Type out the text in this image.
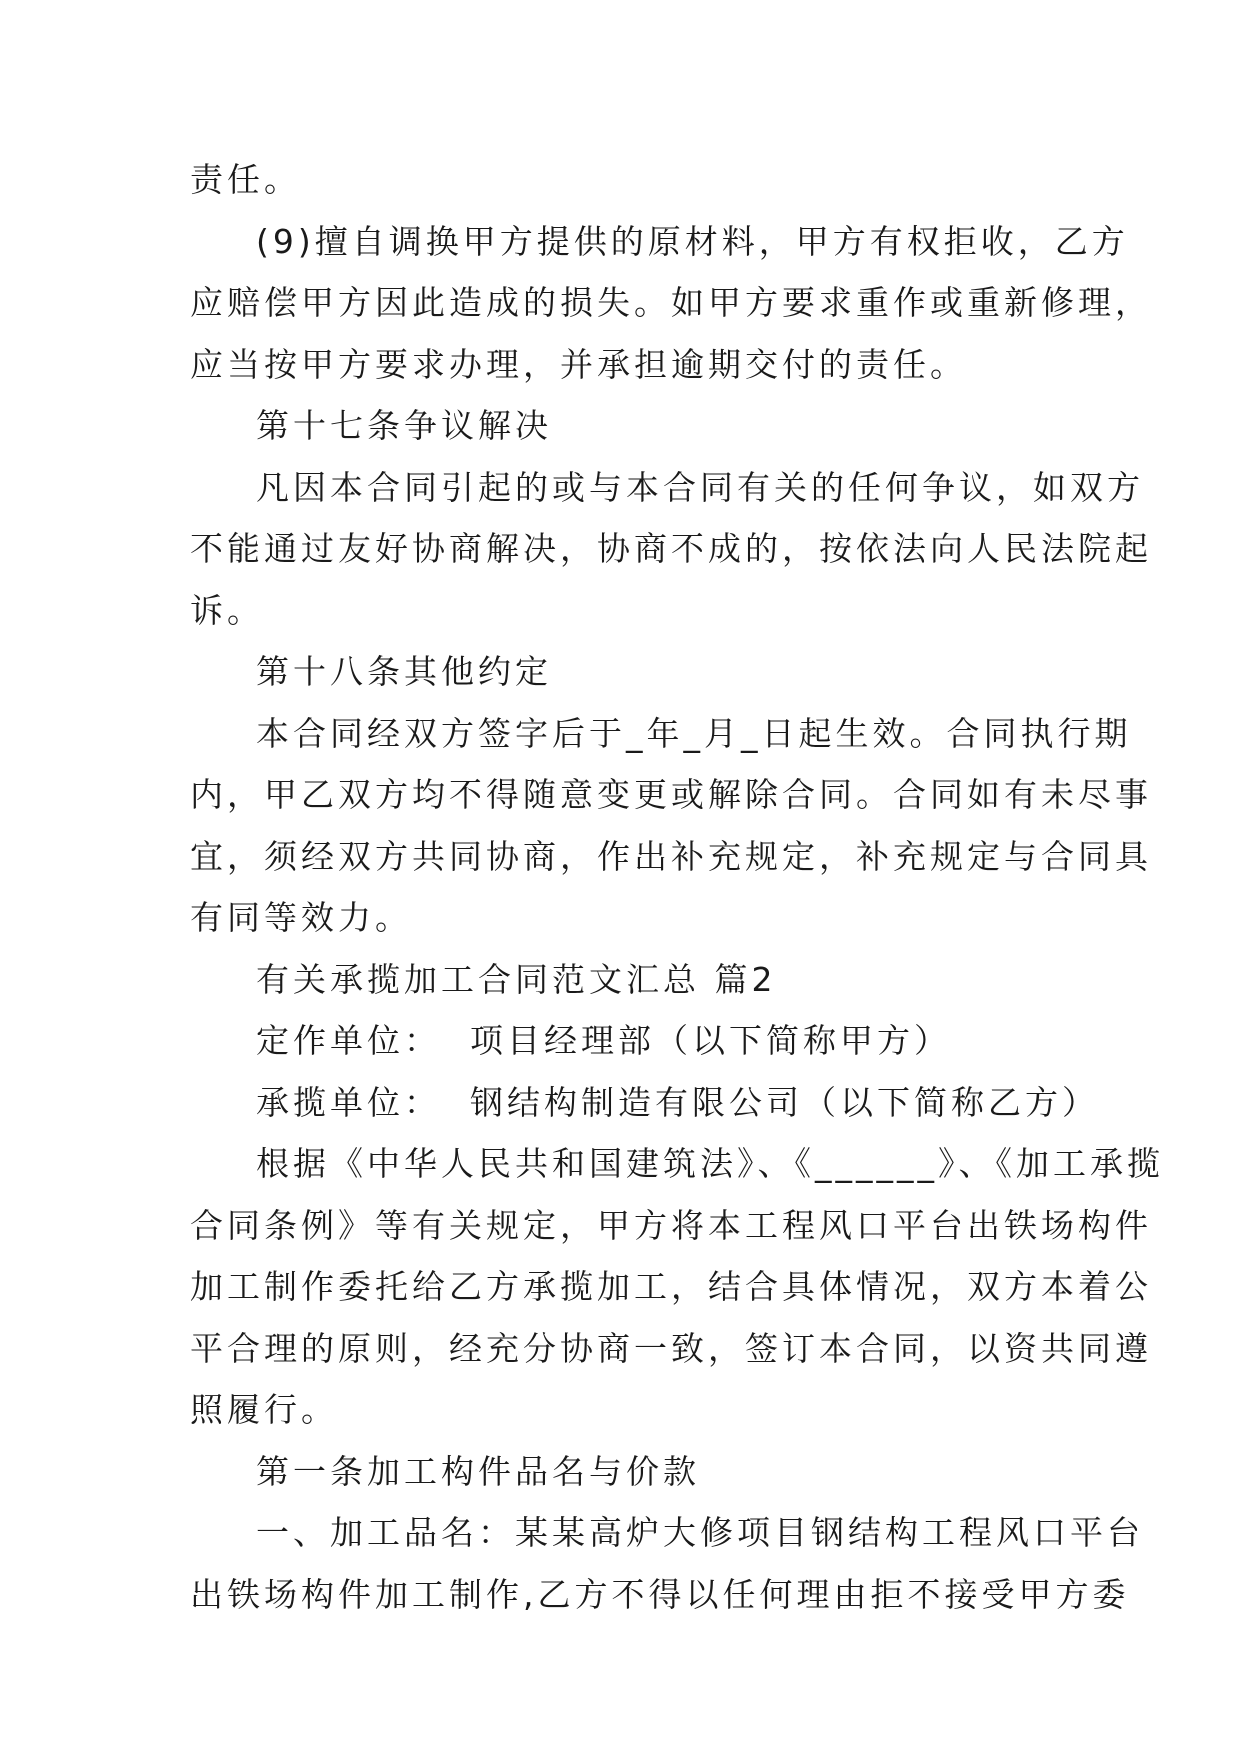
责任。
(9)擅自调换甲方提供的原材料，甲方有权拒收，乙方
应赔偿甲方因此造成的损失。如甲方要求重作或重新修理，
应当按甲方要求办理，并承担逾期交付的责任。
第十七条争议解决
凡因本合同引起的或与本合同有关的任何争议，如双方
不能通过友好协商解决，协商不成的，按依法向人民法院起
诉。
第十八条其他约定
本合同经双方签字后于_年_月_日起生效。合同执行期
内，甲乙双方均不得随意变更或解除合同。合同如有未尽事
宜，须经双方共同协商，作出补充规定，补充规定与合同具
有同等效力。
有关承揽加工合同范文汇总 篇2
定作单位：  项目经理部（以下简称甲方）
承揽单位：  钢结构制造有限公司（以下简称乙方）
根据《中华人民共和国建筑法》、《______》、《加工承揽
合同条例》等有关规定，甲方将本工程风口平台出铁场构件
加工制作委托给乙方承揽加工，结合具体情况，双方本着公
平合理的原则，经充分协商一致，签订本合同，以资共同遵
照履行。
第一条加工构件品名与价款
一、加工品名：某某高炉大修项目钢结构工程风口平台
出铁场构件加工制作,乙方不得以任何理由拒不接受甲方委
